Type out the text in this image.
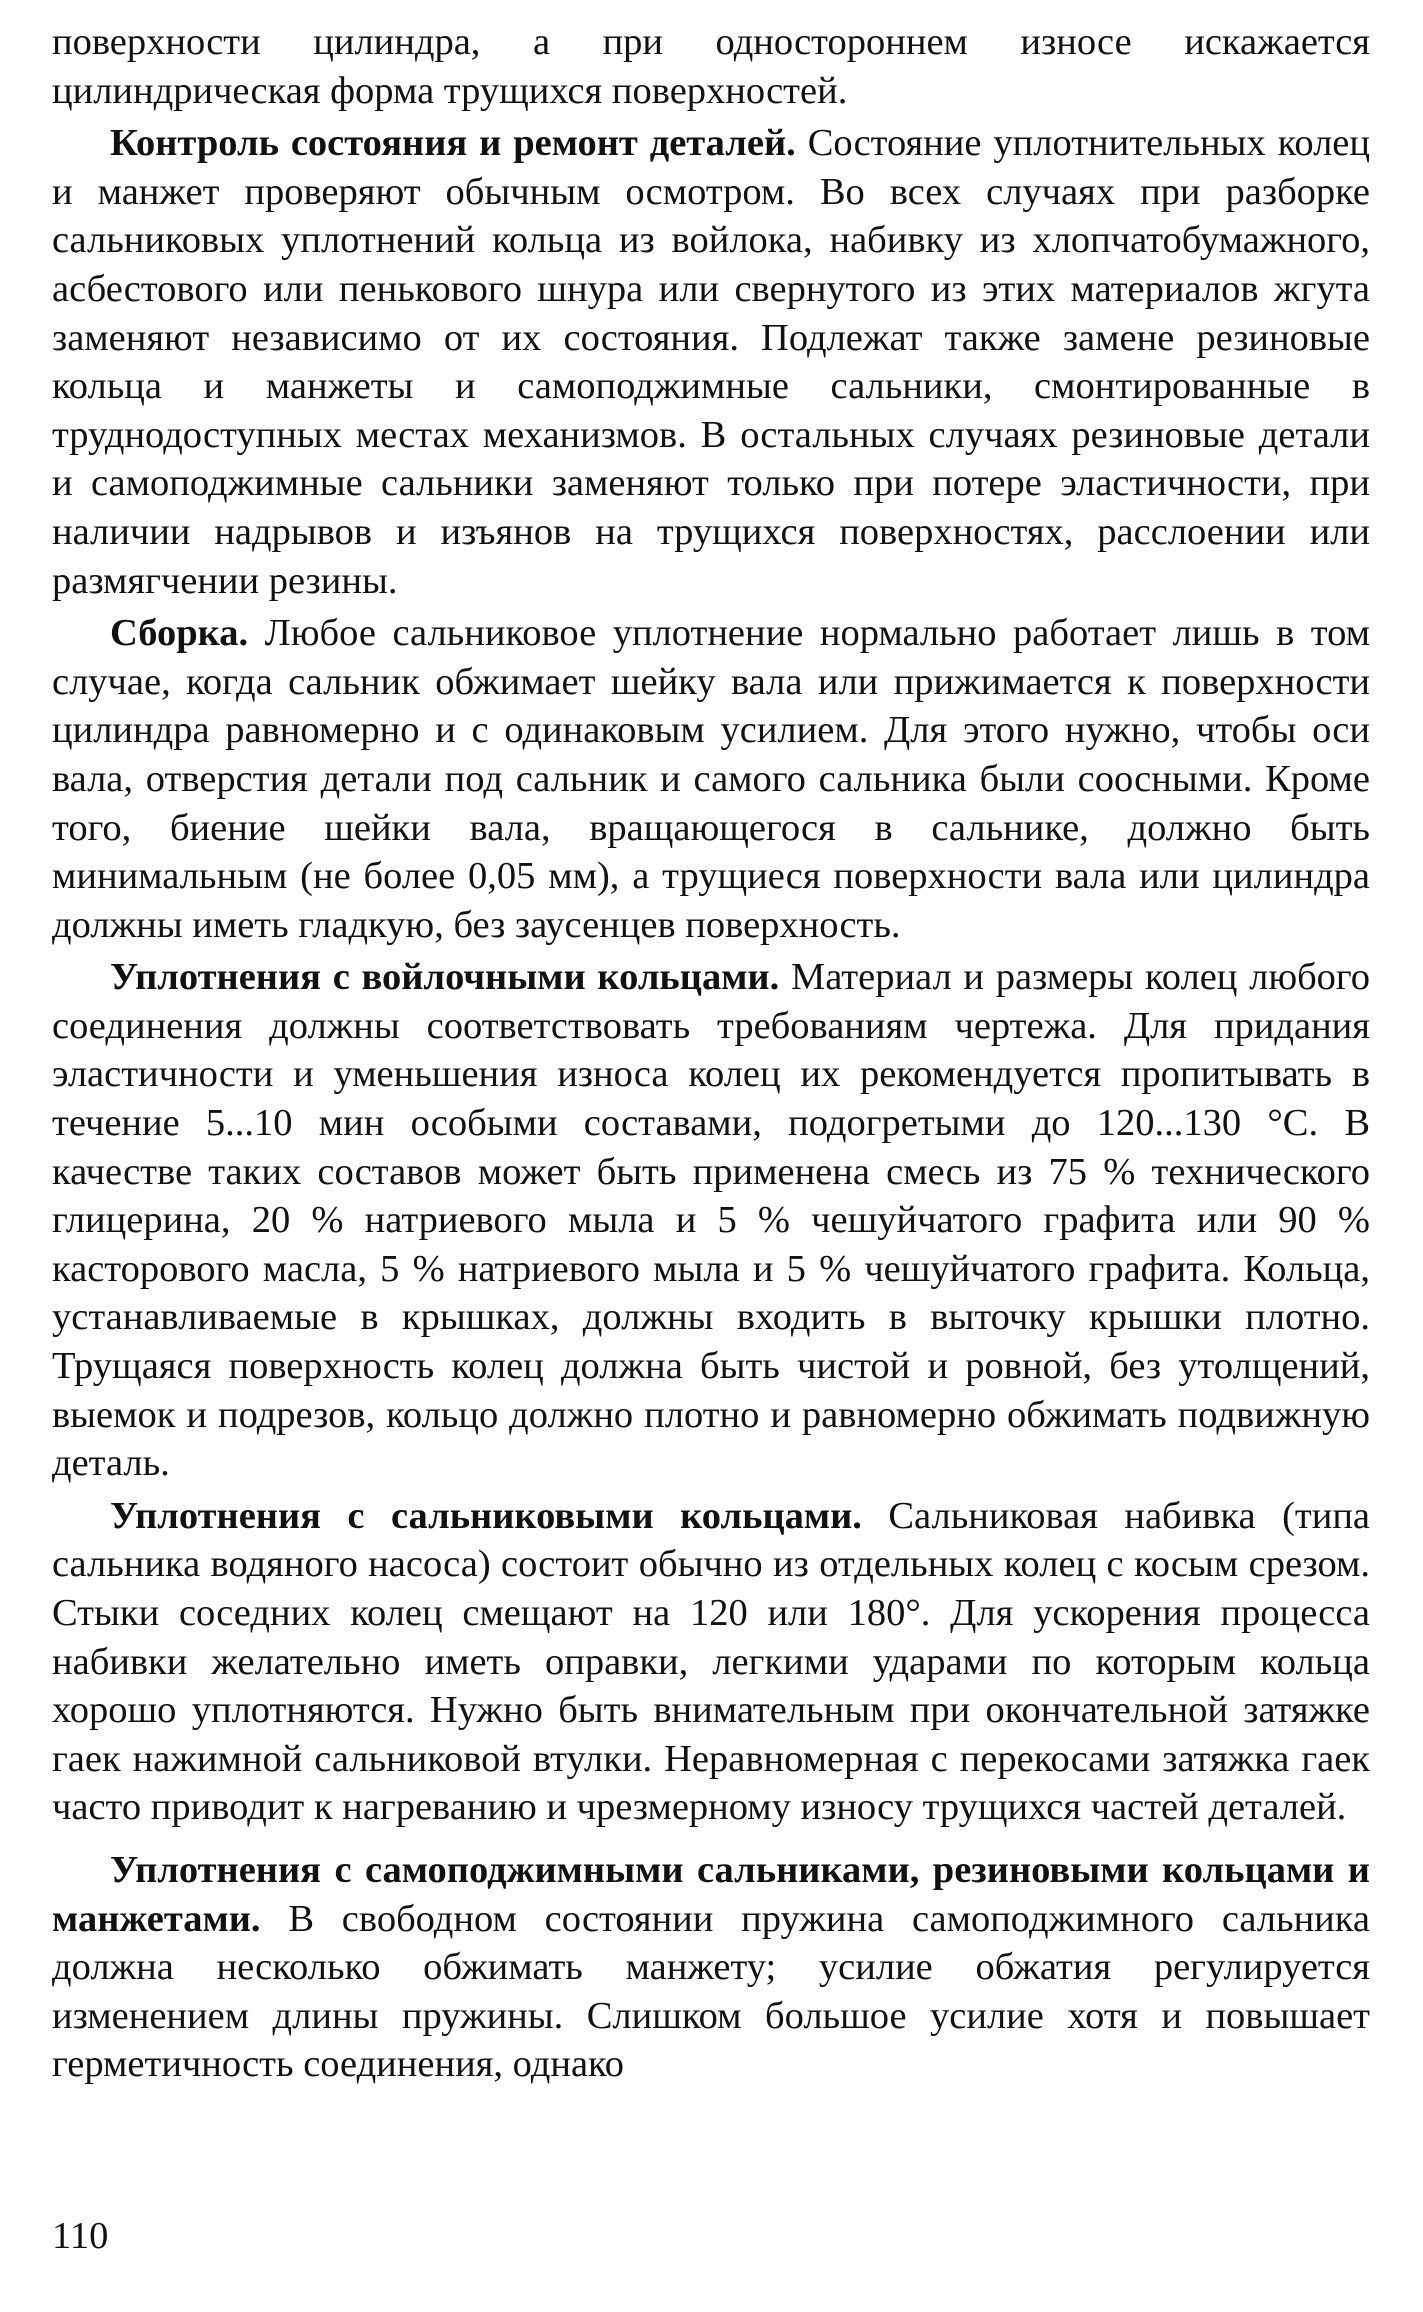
поверхности цилиндра, а при одностороннем износе искажается цилиндрическая форма трущихся поверхностей.

Контроль состояния и ремонт деталей. Состояние уплотнительных колец и манжет проверяют обычным осмотром. Во всех случаях при разборке сальниковых уплотнений кольца из войлока, набивку из хлопчатобумажного, асбестового или пенькового шнура или свернутого из этих материалов жгута заменяют независимо от их состояния. Подлежат также замене резиновые кольца и манжеты и самоподжимные сальники, смонтированные в труднодоступных местах механизмов. В остальных случаях резиновые детали и самоподжимные сальники заменяют только при потере эластичности, при наличии надрывов и изъянов на трущихся поверхностях, расслоении или размягчении резины.

Сборка. Любое сальниковое уплотнение нормально работает лишь в том случае, когда сальник обжимает шейку вала или прижимается к поверхности цилиндра равномерно и с одинаковым усилием. Для этого нужно, чтобы оси вала, отверстия детали под сальник и самого сальника были соосными. Кроме того, биение шейки вала, вращающегося в сальнике, должно быть минимальным (не более 0,05 мм), а трущиеся поверхности вала или цилиндра должны иметь гладкую, без заусенцев поверхность.

Уплотнения с войлочными кольцами. Материал и размеры колец любого соединения должны соответствовать требованиям чертежа. Для придания эластичности и уменьшения износа колец их рекомендуется пропитывать в течение 5...10 мин особыми составами, подогретыми до 120...130 °С. В качестве таких составов может быть применена смесь из 75 % технического глицерина, 20 % натриевого мыла и 5 % чешуйчатого графита или 90 % касторового масла, 5 % натриевого мыла и 5 % чешуйчатого графита. Кольца, устанавливаемые в крышках, должны входить в выточку крышки плотно. Трущаяся поверхность колец должна быть чистой и ровной, без утолщений, выемок и подрезов, кольцо должно плотно и равномерно обжимать подвижную деталь.

Уплотнения с сальниковыми кольцами. Сальниковая набивка (типа сальника водяного насоса) состоит обычно из отдельных колец с косым срезом. Стыки соседних колец смещают на 120 или 180°. Для ускорения процесса набивки желательно иметь оправки, легкими ударами по которым кольца хорошо уплотняются. Нужно быть внимательным при окончательной затяжке гаек нажимной сальниковой втулки. Неравномерная с перекосами затяжка гаек часто приводит к нагреванию и чрезмерному износу трущихся частей деталей.

Уплотнения с самоподжимными сальниками, резиновыми кольцами и манжетами. В свободном состоянии пружина самоподжимного сальника должна несколько обжимать манжету; усилие обжатия регулируется изменением длины пружины. Слишком большое усилие хотя и повышает герметичность соединения, однако

110
